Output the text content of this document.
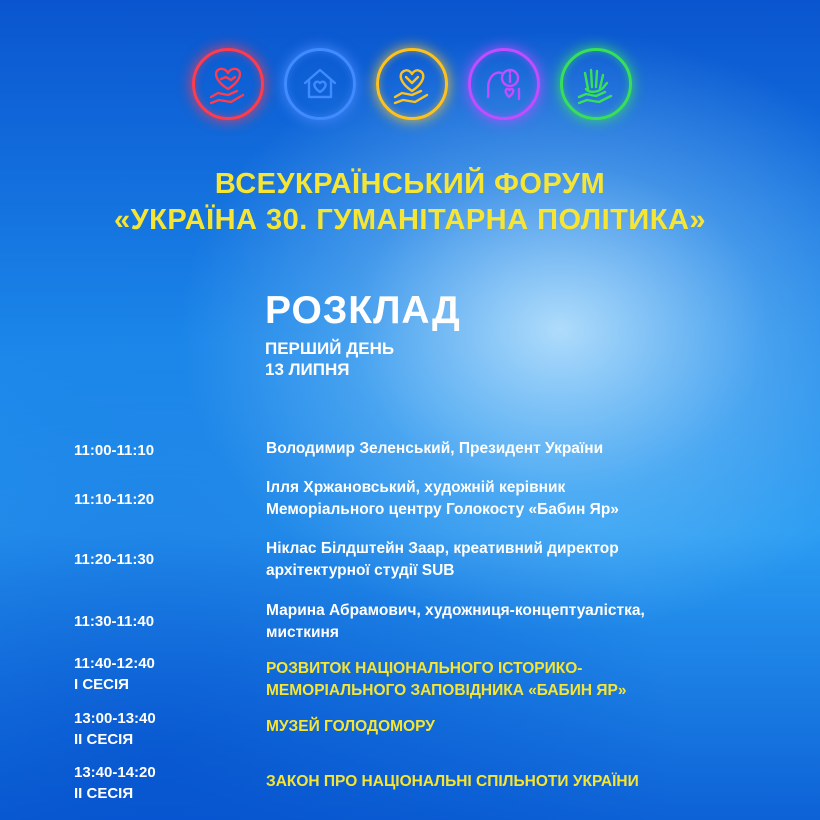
ВСЕУКРАЇНСЬКИЙ ФОРУМ
«УКРАЇНА 30. ГУМАНІТАРНА ПОЛІТИКА»
РОЗКЛАД
ПЕРШИЙ ДЕНЬ
13 ЛИПНЯ
11:00-11:10	Володимир Зеленський, Президент України
11:10-11:20
Ілля Хржановський, художній керівник
Меморіального центру Голокосту «Бабин Яр»
11:20-11:30
Ніклас Білдштейн Заар, креативний директор
архітектурної студії SUB
11:30-11:40
Марина Абрамович, художниця-концептуалістка,
мисткиня
11:40-12:40
І СЕСІЯ
РОЗВИТОК НАЦІОНАЛЬНОГО ІСТОРИКО-
МЕМОРІАЛЬНОГО ЗАПОВІДНИКА «БАБИН ЯР»
13:00-13:40
ІІ СЕСІЯ
МУЗЕЙ ГОЛОДОМОРУ
13:40-14:20
ІІ СЕСІЯ
ЗАКОН ПРО НАЦІОНАЛЬНІ СПІЛЬНОТИ УКРАЇНИ
